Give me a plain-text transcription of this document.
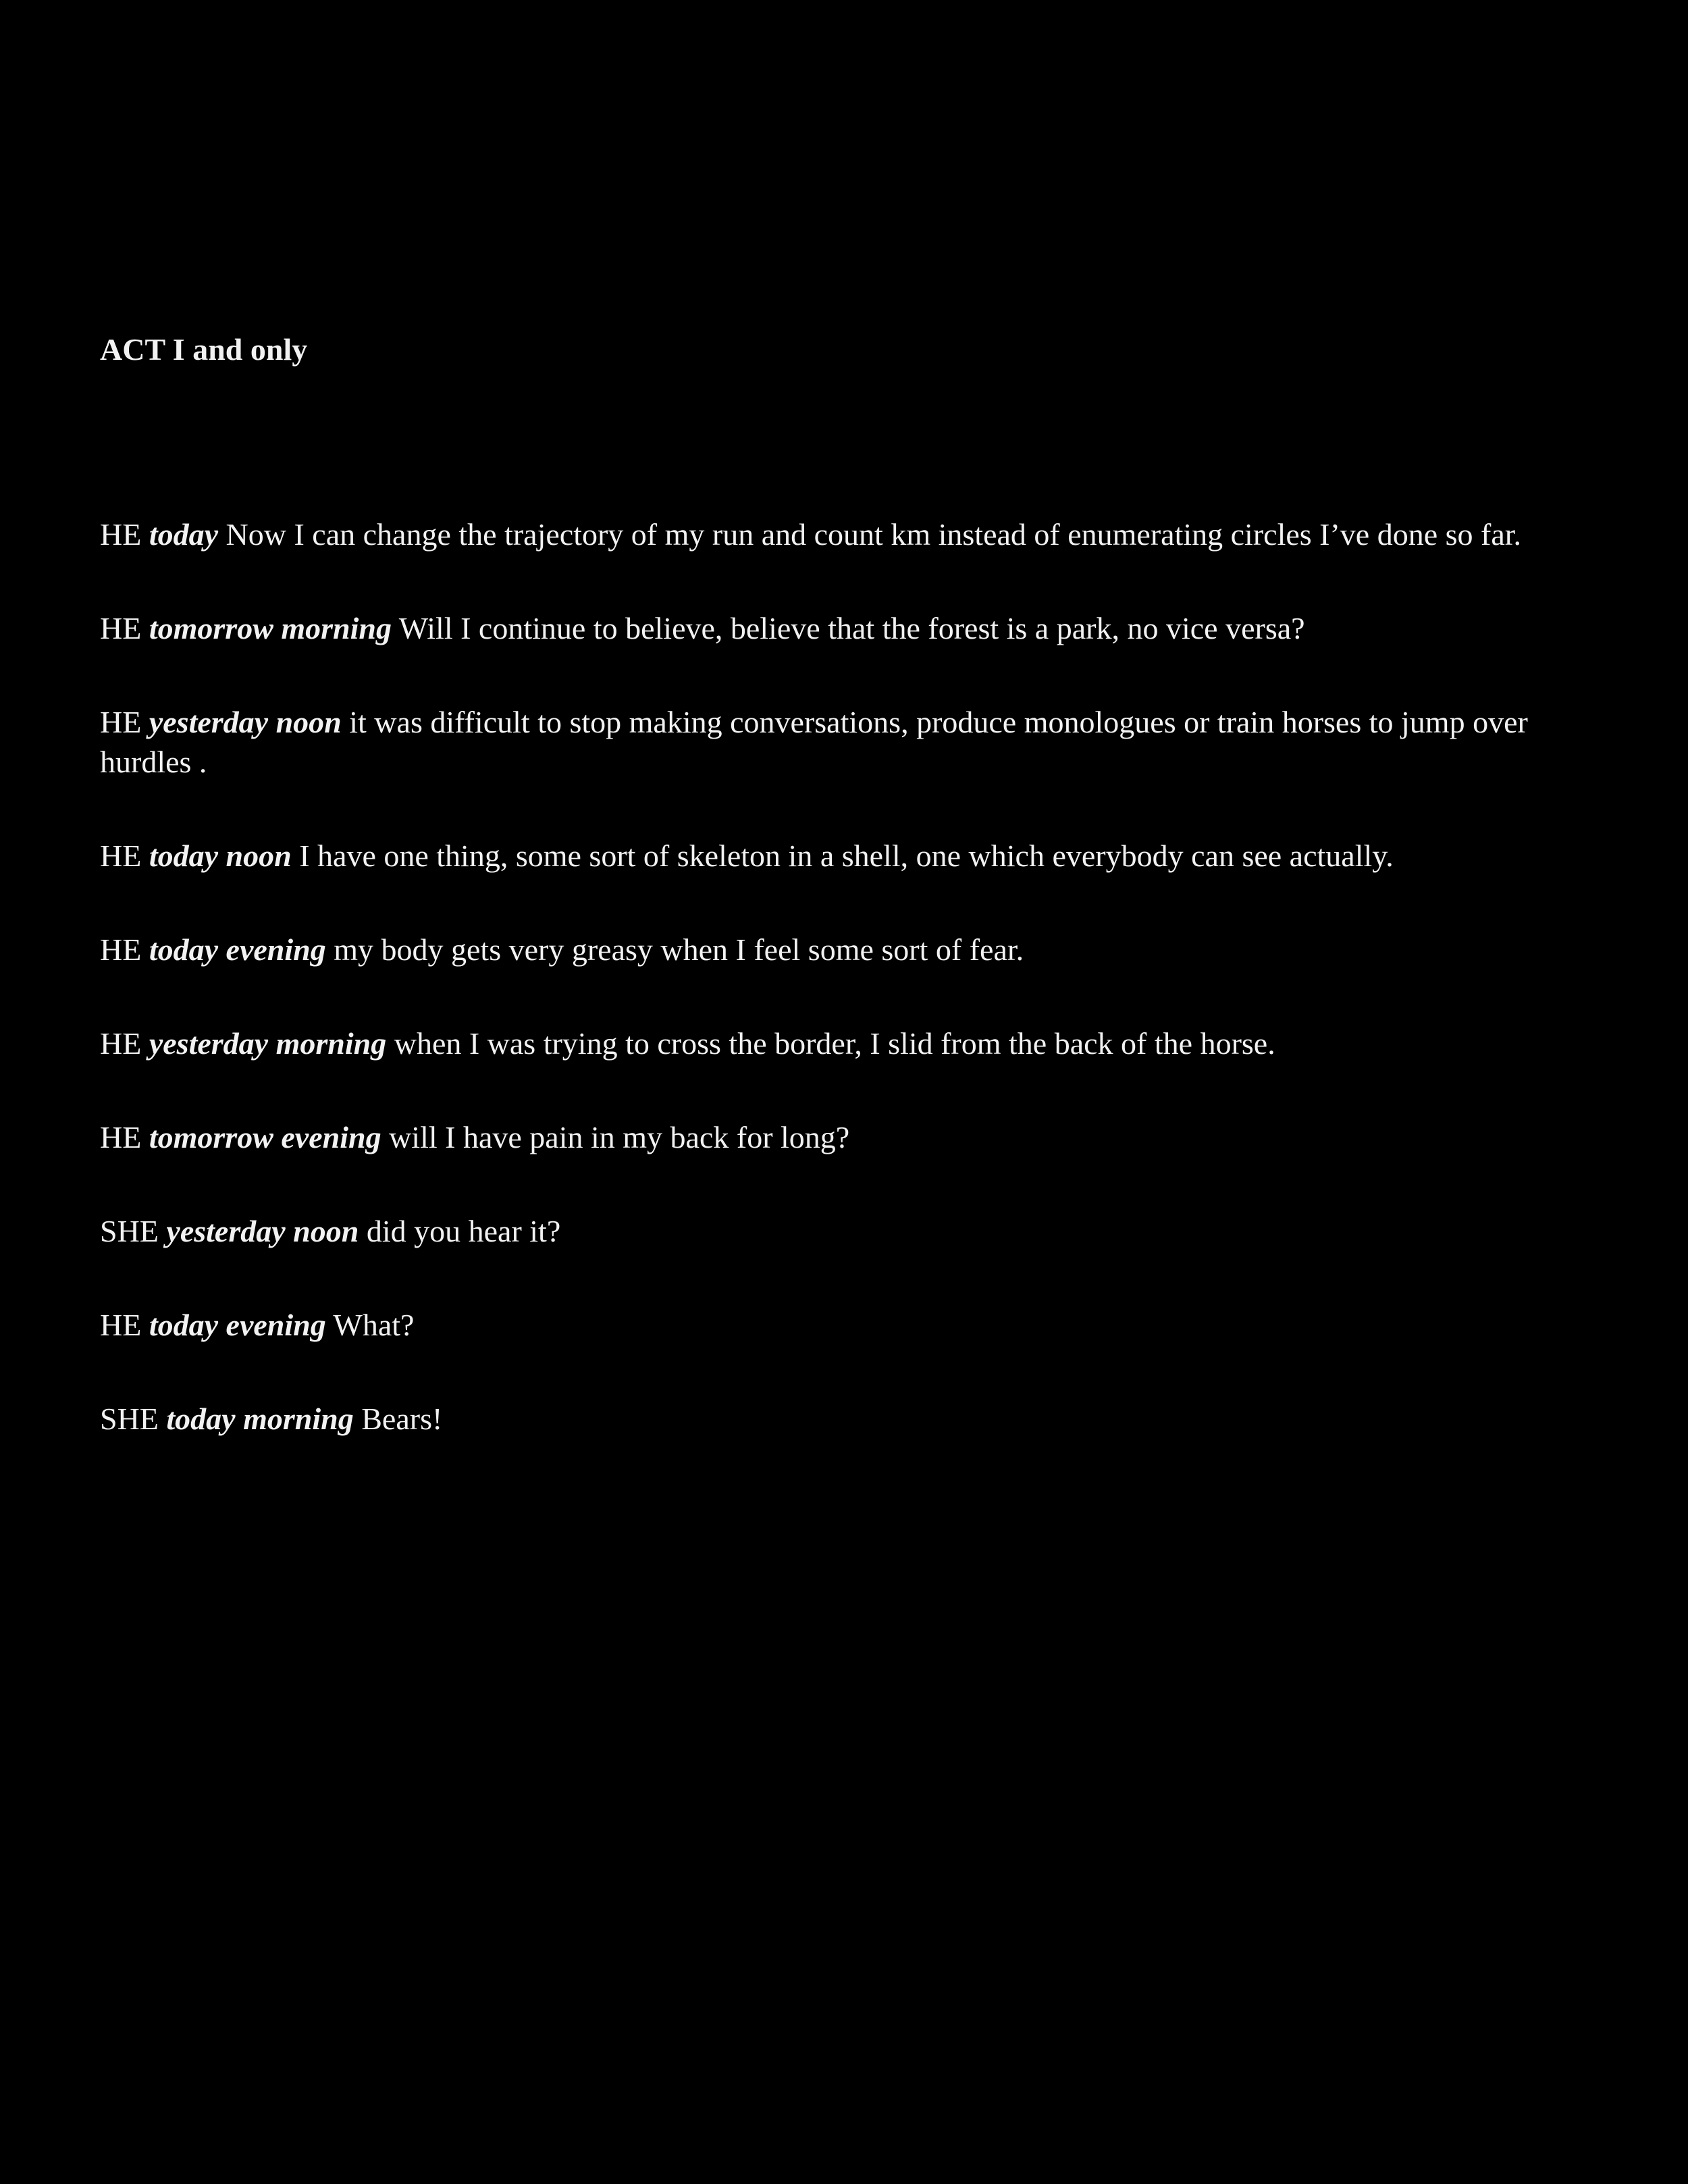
ACT I and only

HE today Now I can change the trajectory of my run and count km instead of enumerating circles I’ve done so far.

HE tomorrow morning Will I continue to believe, believe that the forest is a park, no vice versa?

HE yesterday noon it was difficult to stop making conversations, produce monologues or train horses to jump over hurdles .

HE today noon I have one thing, some sort of skeleton in a shell, one which everybody can see actually.

HE today evening my body gets very greasy when I feel some sort of fear.

HE yesterday morning when I was trying to cross the border, I slid from the back of the horse.

HE tomorrow evening will I have pain in my back for long?

SHE yesterday noon did you hear it?

HE today evening What?

SHE today morning Bears!
